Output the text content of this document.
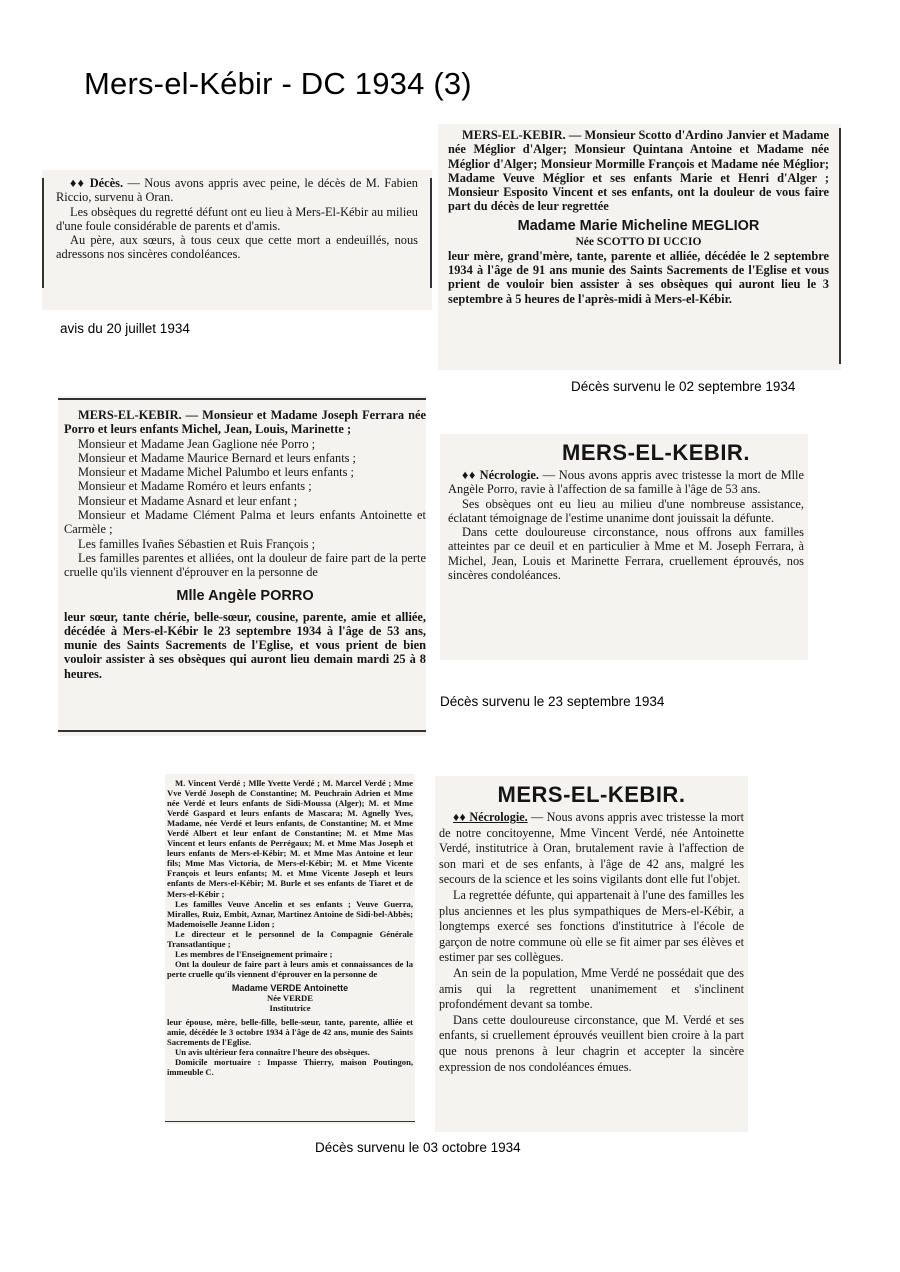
Mers-el-Kébir - DC 1934 (3)

♦♦ Décès. — Nous avons appris avec peine, le décès de M. Fabien Riccio, survenu à Oran.

Les obsèques du regretté défunt ont eu lieu à Mers-El-Kébir au milieu d'une foule considérable de parents et d'amis.

Au père, aux sœurs, à tous ceux que cette mort a endeuillés, nous adressons nos sincères condoléances.

avis du 20 juillet 1934

MERS-EL-KEBIR. — Monsieur Scotto d'Ardino Janvier et Madame née Méglior d'Alger; Monsieur Quintana Antoine et Madame née Méglior d'Alger; Monsieur Mormille François et Madame née Méglior; Madame Veuve Méglior et ses enfants Marie et Henri d'Alger ; Monsieur Esposito Vincent et ses enfants, ont la douleur de vous faire part du décès de leur regrettée

Madame Marie Micheline MEGLIOR

Née SCOTTO DI UCCIO

leur mère, grand'mère, tante, parente et alliée, décédée le 2 septembre 1934 à l'âge de 91 ans munie des Saints Sacrements de l'Eglise et vous prient de vouloir bien assister à ses obsèques qui auront lieu le 3 septembre à 5 heures de l'après-midi à Mers-el-Kébir.

Décès survenu le 02 septembre 1934

MERS-EL-KEBIR. — Monsieur et Madame Joseph Ferrara née Porro et leurs enfants Michel, Jean, Louis, Marinette ;

Monsieur et Madame Jean Gaglione née Porro ;

Monsieur et Madame Maurice Bernard et leurs enfants ;

Monsieur et Madame Michel Palumbo et leurs enfants ;

Monsieur et Madame Roméro et leurs enfants ;

Monsieur et Madame Asnard et leur enfant ;

Monsieur et Madame Clément Palma et leurs enfants Antoinette et Carmèle ;

Les familles Ivañes Sébastien et Ruis François ;

Les familles parentes et alliées, ont la douleur de faire part de la perte cruelle qu'ils viennent d'éprouver en la personne de

Mlle Angèle PORRO

leur sœur, tante chérie, belle-sœur, cousine, parente, amie et alliée, décédée à Mers-el-Kébir le 23 septembre 1934 à l'âge de 53 ans, munie des Saints Sacrements de l'Eglise, et vous prient de bien vouloir assister à ses obsèques qui auront lieu demain mardi 25 à 8 heures.

MERS-EL-KEBIR.

♦♦ Nécrologie. — Nous avons appris avec tristesse la mort de Mlle Angèle Porro, ravie à l'affection de sa famille à l'âge de 53 ans.

Ses obsèques ont eu lieu au milieu d'une nombreuse assistance, éclatant témoignage de l'estime unanime dont jouissait la défunte.

Dans cette douloureuse circonstance, nous offrons aux familles atteintes par ce deuil et en particulier à Mme et M. Joseph Ferrara, à Michel, Jean, Louis et Marinette Ferrara, cruellement éprouvés, nos sincères condoléances.

Décès survenu le 23 septembre 1934

M. Vincent Verdé ; Mlle Yvette Verdé ; M. Marcel Verdé ; Mme Vve Verdé Joseph de Constantine; M. Peuchrain Adrien et Mme née Verdé et leurs enfants de Sidi-Moussa (Alger); M. et Mme Verdé Gaspard et leurs enfants de Mascara; M. Agnelly Yves, Madame, née Verdé et leurs enfants, de Constantine; M. et Mme Verdé Albert et leur enfant de Constantine; M. et Mme Mas Vincent et leurs enfants de Perrégaux; M. et Mme Mas Joseph et leurs enfants de Mers-el-Kébir; M. et Mme Mas Antoine et leur fils; Mme Mas Victoria, de Mers-el-Kébir; M. et Mme Vicente François et leurs enfants; M. et Mme Vicente Joseph et leurs enfants de Mers-el-Kébir; M. Burle et ses enfants de Tiaret et de Mers-el-Kébir ;

Les familles Veuve Ancelin et ses enfants ; Veuve Guerra, Miralles, Ruiz, Embit, Aznar, Martinez Antoine de Sidi-bel-Abbès; Mademoiselle Jeanne Lidon ;

Le directeur et le personnel de la Compagnie Générale Transatlantique ;

Les membres de l'Enseignement primaire ;

Ont la douleur de faire part à leurs amis et connaissances de la perte cruelle qu'ils viennent d'éprouver en la personne de

Madame VERDE Antoinette

Née VERDE

Institutrice

leur épouse, mère, belle-fille, belle-sœur, tante, parente, alliée et amie, décédée le 3 octobre 1934 à l'âge de 42 ans, munie des Saints Sacrements de l'Eglise.

Un avis ultérieur fera connaître l'heure des obsèques.

Domicile mortuaire : Impasse Thierry, maison Poutingon, immeuble C.

MERS-EL-KEBIR.

♦♦ Nécrologie. — Nous avons appris avec tristesse la mort de notre concitoyenne, Mme Vincent Verdé, née Antoinette Verdé, institutrice à Oran, brutalement ravie à l'affection de son mari et de ses enfants, à l'âge de 42 ans, malgré les secours de la science et les soins vigilants dont elle fut l'objet.

La regrettée défunte, qui appartenait à l'une des familles les plus anciennes et les plus sympathiques de Mers-el-Kébir, a longtemps exercé ses fonctions d'institutrice à l'école de garçon de notre commune où elle se fit aimer par ses élèves et estimer par ses collègues.

An sein de la population, Mme Verdé ne possédait que des amis qui la regrettent unanimement et s'inclinent profondément devant sa tombe.

Dans cette douloureuse circonstance, que M. Verdé et ses enfants, si cruellement éprouvés veuillent bien croire à la part que nous prenons à leur chagrin et accepter la sincère expression de nos condoléances émues.

Décès survenu le 03 octobre 1934
